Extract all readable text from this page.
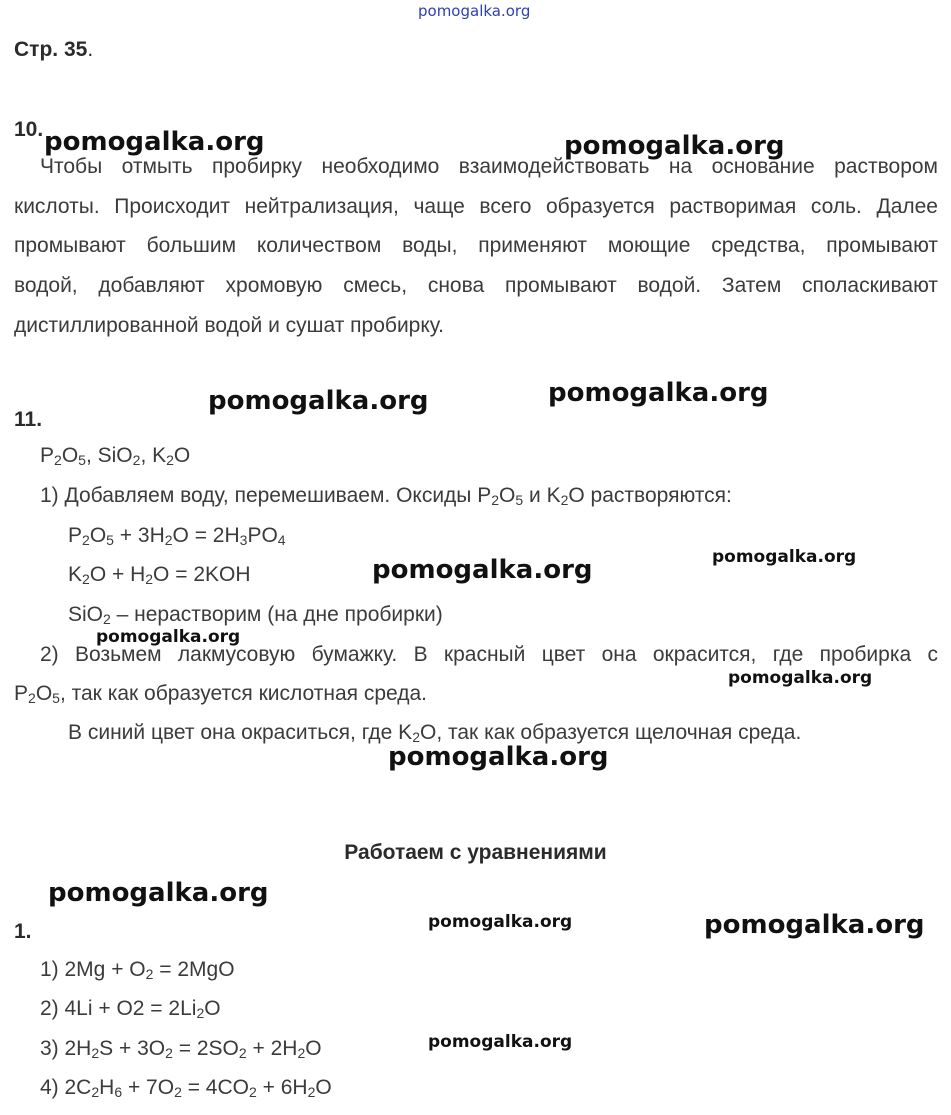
pomogalka.org
Стр. 35.
10.
Чтобы отмыть пробирку необходимо взаимодействовать на основание раствором
кислоты. Происходит нейтрализация, чаще всего образуется растворимая соль. Далее
промывают большим количеством воды, применяют моющие средства, промывают
водой, добавляют хромовую смесь, снова промывают водой. Затем споласкивают
дистиллированной водой и сушат пробирку.
11.
$P_2O_5$, SiO$_2$, $K_2O$
1) Добавляем воду, перемешиваем. Оксиды $P_2O_5$ и $K_2O$ растворяются:
$P_2O_5 + 3H_2O = 2H_3PO_4$
$K_2O + H_2O = 2KOH$
SiO$_2$ – нерастворим (на дне пробирки)
2) Возьмем лакмусовую бумажку. В красный цвет она окрасится, где пробирка с
$P_2O_5$, так как образуется кислотная среда.
В синий цвет она окраситься, где $K_2O$, так как образуется щелочная среда.
Работаем с уравнениями
1.
1) $2Mg + O_2 = 2MgO$
2) $4Li + O2 = 2Li_2O$
3) $2H_2S + 3O_2 = 2SO_2 + 2H_2O$
4) $2C_2H_6 + 7O_2 = 4CO_2 + 6H_2O$
pomogalka.org	pomogalka.org
pomogalka.org	pomogalka.org
pomogalka.org
pomogalka.org
pomogalka.org
pomogalka.org
pomogalka.org
pomogalka.org
pomogalka.org	pomogalka.org
pomogalka.org
